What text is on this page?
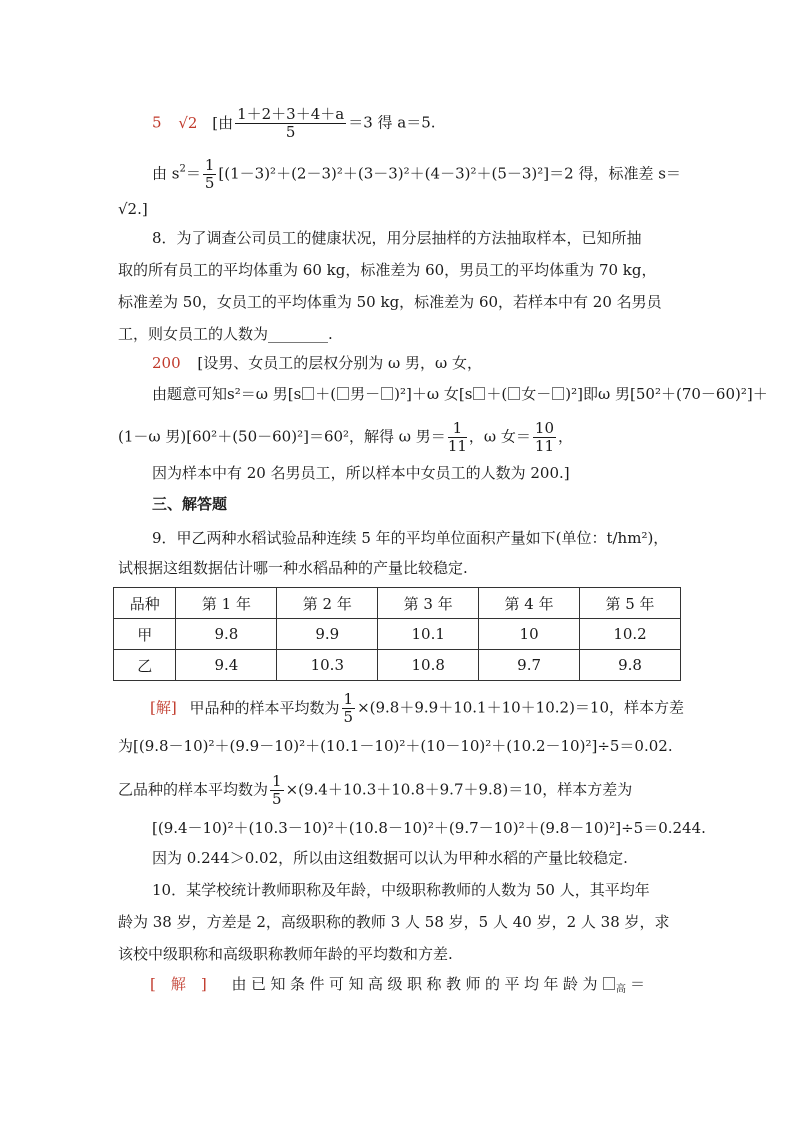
5 √2 [由 $\frac{1+2+3+4+a}{5} =3$ 得 a＝5.
由 $s^2= \frac{1}{5} [(1-3)^2+(2-3)^2+(3-3)^2+(4-3)^2+(5-3)^2]=2$ 得，标准差 s＝
√2.]
8．为了调查公司员工的健康状况，用分层抽样的方法抽取样本，已知所抽
取的所有员工的平均体重为 60 kg，标准差为 60，男员工的平均体重为 70 kg，
标准差为 50，女员工的平均体重为 50 kg，标准差为 60，若样本中有 20 名男员
工，则女员工的人数为________.
200 [设男、女员工的层权分别为 ω 男，ω 女，
由题意可知s²＝ω 男[s ＋( 男－ )²]＋ω 女[s ＋( 女－ )²]即ω 男[50²＋(70－60)²]＋
(1－ω 男)[60²＋(50－60)²]＝60²，解得 ω 男＝ $\frac{1}{11}$ ，ω 女＝ $\frac{10}{11}$ ，
因为样本中有 20 名男员工，所以样本中女员工的人数为 200.]
三、解答题
9．甲乙两种水稻试验品种连续 5 年的平均单位面积产量如下(单位：t/hm²)，
试根据这组数据估计哪一种水稻品种的产量比较稳定.
品种	第 1 年	第 2 年	第 3 年	第 4 年	第 5 年
甲	9.8	9.9	10.1	10	10.2
乙	9.4	10.3	10.8	9.7	9.8
[解] 甲品种的样本平均数为 $\frac{1}{5} \times(9.8+9.9+10.1+10+10.2)=10$，样本方差
为[(9.8－10)²＋(9.9－10)²＋(10.1－10)²＋(10－10)²＋(10.2－10)²]÷5＝0.02.
乙品种的样本平均数为 $\frac{1}{5} \times(9.4+10.3+10.8+9.7+9.8)=10$，样本方差为
[(9.4－10)²＋(10.3－10)²＋(10.8－10)²＋(9.7－10)²＋(9.8－10)²]÷5＝0.244.
因为 0.244＞0.02，所以由这组数据可以认为甲种水稻的产量比较稳定.
10．某学校统计教师职称及年龄，中级职称教师的人数为 50 人，其平均年
龄为 38 岁，方差是 2，高级职称的教师 3 人 58 岁，5 人 40 岁，2 人 38 岁，求
该校中级职称和高级职称教师年龄的平均数和方差.
[　解　] 由已知条件可知高级职称教师的平均年龄为 $_高$ ＝
